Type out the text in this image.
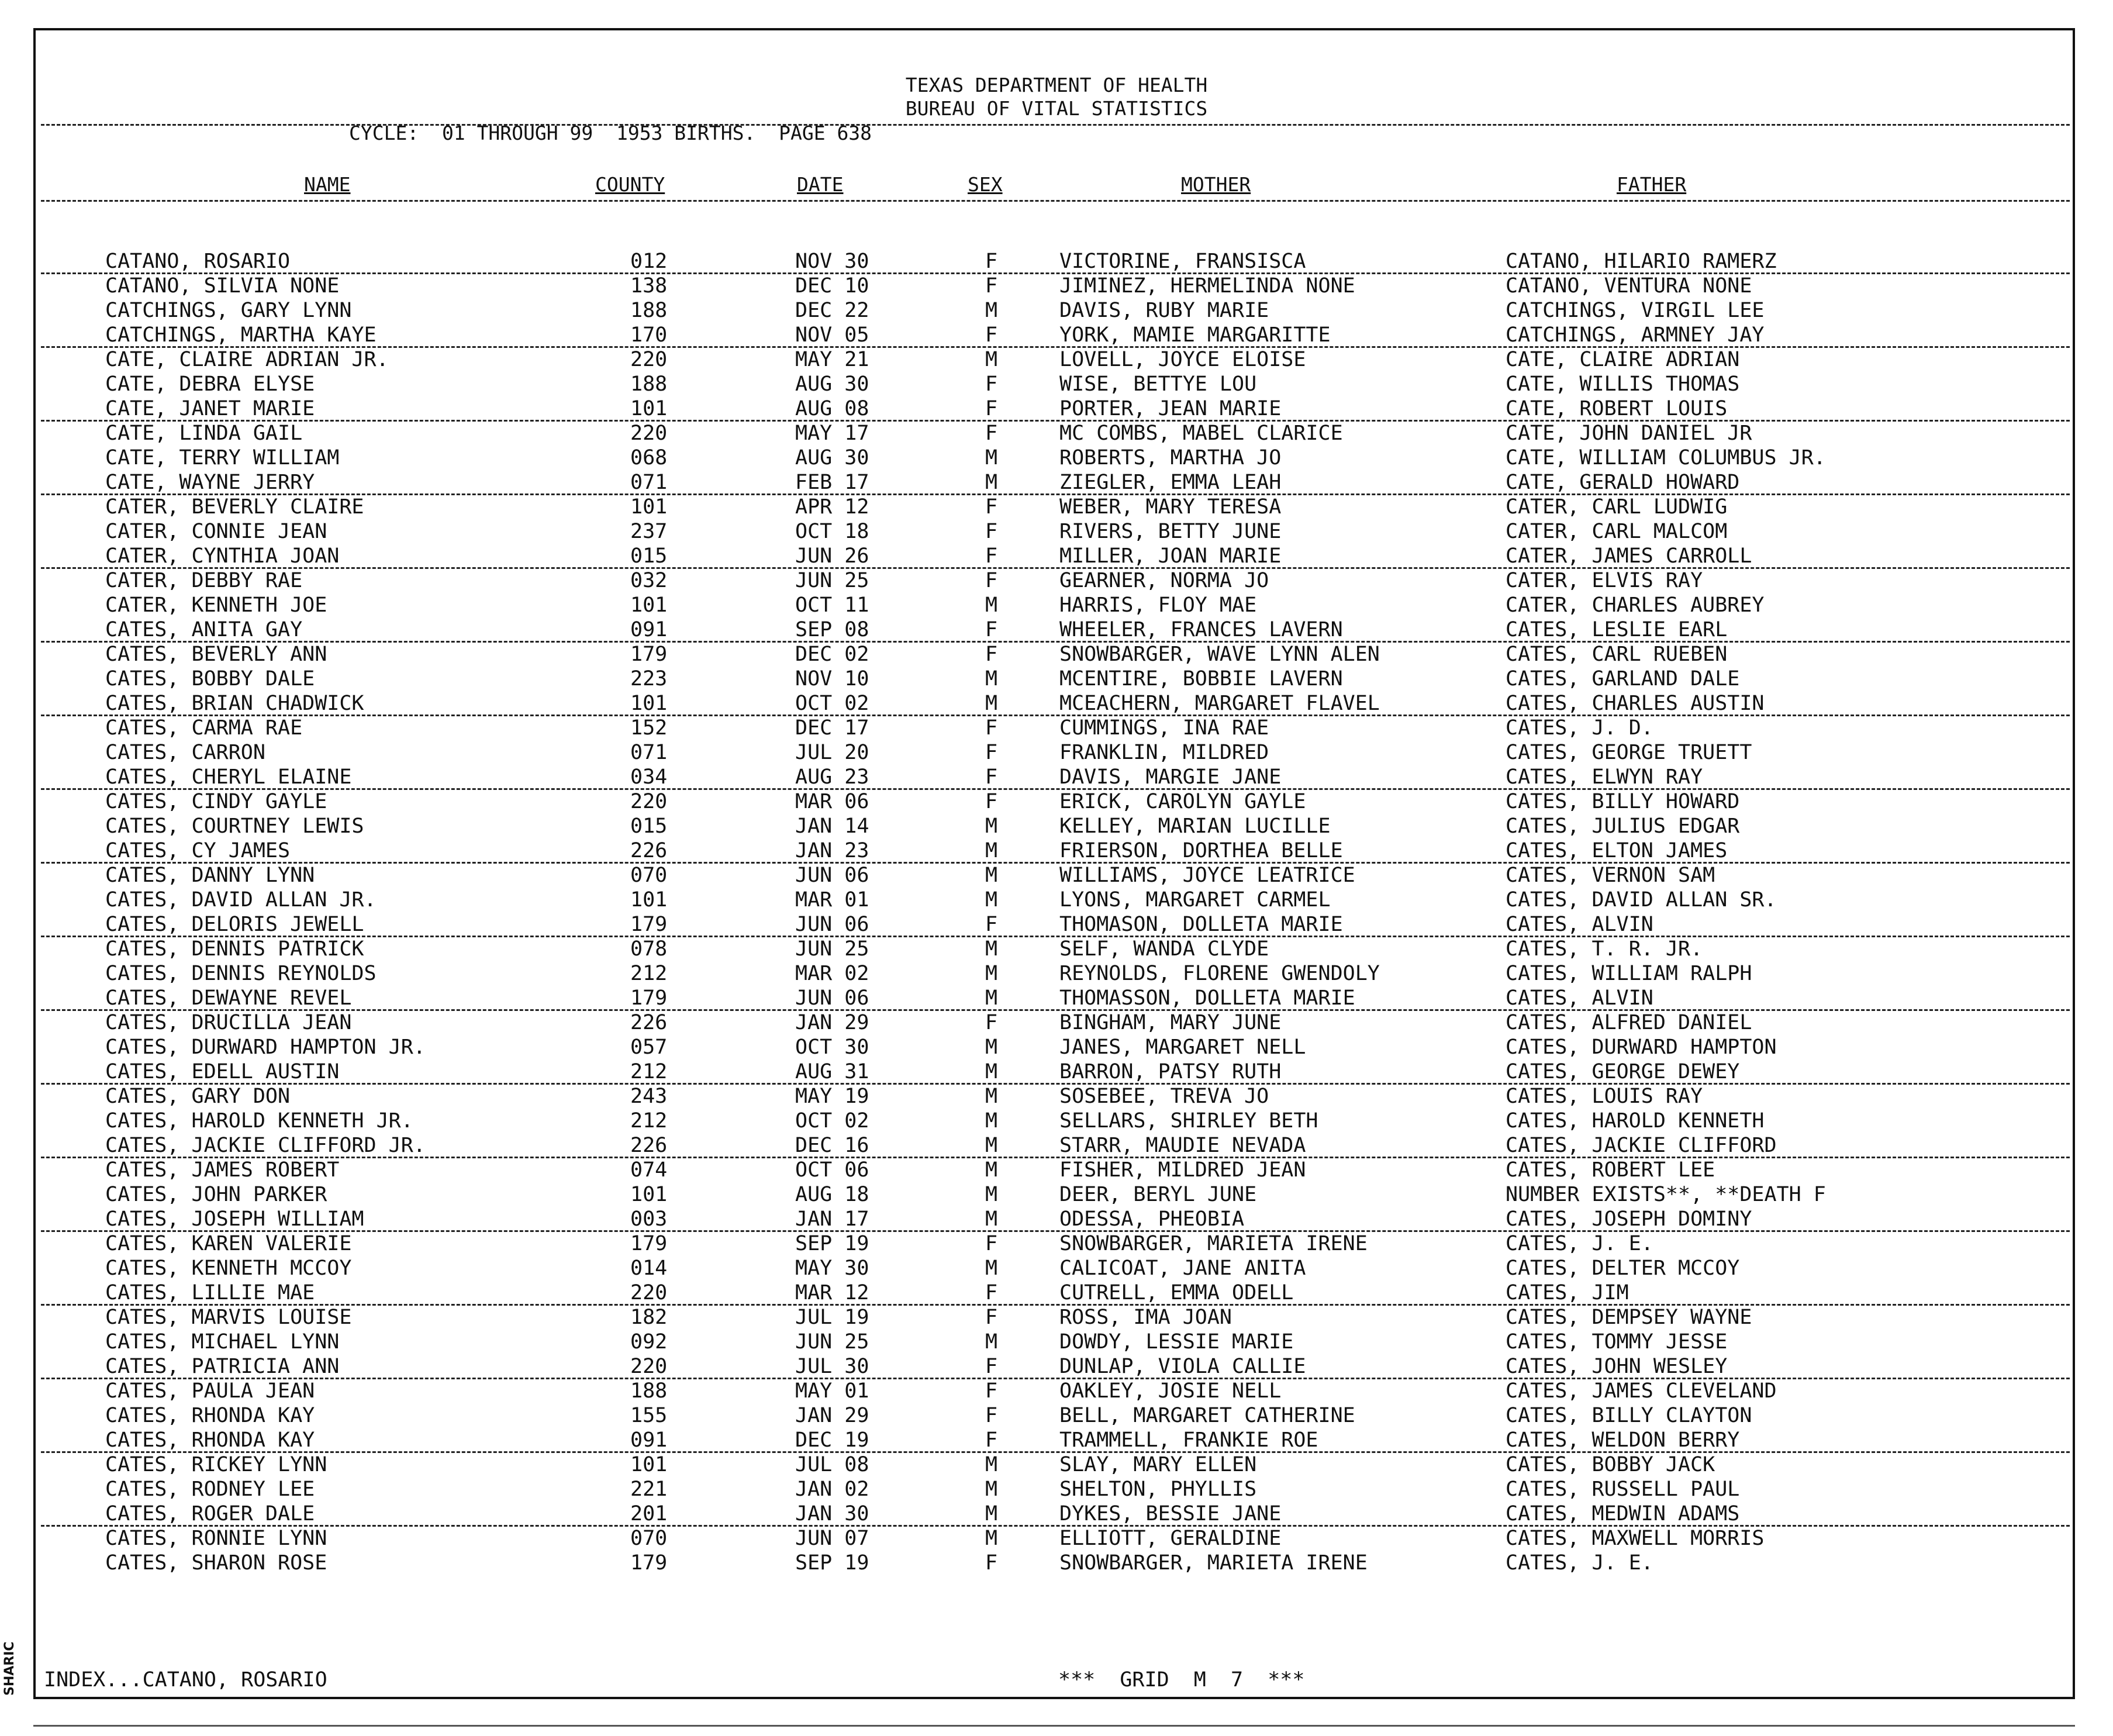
TEXAS DEPARTMENT OF HEALTH
BUREAU OF VITAL STATISTICS
CYCLE:  01 THROUGH 99  1953 BIRTHS.  PAGE 638
NAME	COUNTY	DATE	SEX	MOTHER	FATHER
CATANO, ROSARIO	012	NOV 30	F	VICTORINE, FRANSISCA	CATANO, HILARIO RAMERZ
CATANO, SILVIA NONE	138	DEC 10	F	JIMINEZ, HERMELINDA NONE	CATANO, VENTURA NONE
CATCHINGS, GARY LYNN	188	DEC 22	M	DAVIS, RUBY MARIE	CATCHINGS, VIRGIL LEE
CATCHINGS, MARTHA KAYE	170	NOV 05	F	YORK, MAMIE MARGARITTE	CATCHINGS, ARMNEY JAY
CATE, CLAIRE ADRIAN JR.	220	MAY 21	M	LOVELL, JOYCE ELOISE	CATE, CLAIRE ADRIAN
CATE, DEBRA ELYSE	188	AUG 30	F	WISE, BETTYE LOU	CATE, WILLIS THOMAS
CATE, JANET MARIE	101	AUG 08	F	PORTER, JEAN MARIE	CATE, ROBERT LOUIS
CATE, LINDA GAIL	220	MAY 17	F	MC COMBS, MABEL CLARICE	CATE, JOHN DANIEL JR
CATE, TERRY WILLIAM	068	AUG 30	M	ROBERTS, MARTHA JO	CATE, WILLIAM COLUMBUS JR.
CATE, WAYNE JERRY	071	FEB 17	M	ZIEGLER, EMMA LEAH	CATE, GERALD HOWARD
CATER, BEVERLY CLAIRE	101	APR 12	F	WEBER, MARY TERESA	CATER, CARL LUDWIG
CATER, CONNIE JEAN	237	OCT 18	F	RIVERS, BETTY JUNE	CATER, CARL MALCOM
CATER, CYNTHIA JOAN	015	JUN 26	F	MILLER, JOAN MARIE	CATER, JAMES CARROLL
CATER, DEBBY RAE	032	JUN 25	F	GEARNER, NORMA JO	CATER, ELVIS RAY
CATER, KENNETH JOE	101	OCT 11	M	HARRIS, FLOY MAE	CATER, CHARLES AUBREY
CATES, ANITA GAY	091	SEP 08	F	WHEELER, FRANCES LAVERN	CATES, LESLIE EARL
CATES, BEVERLY ANN	179	DEC 02	F	SNOWBARGER, WAVE LYNN ALEN	CATES, CARL RUEBEN
CATES, BOBBY DALE	223	NOV 10	M	MCENTIRE, BOBBIE LAVERN	CATES, GARLAND DALE
CATES, BRIAN CHADWICK	101	OCT 02	M	MCEACHERN, MARGARET FLAVEL	CATES, CHARLES AUSTIN
CATES, CARMA RAE	152	DEC 17	F	CUMMINGS, INA RAE	CATES, J. D.
CATES, CARRON	071	JUL 20	F	FRANKLIN, MILDRED	CATES, GEORGE TRUETT
CATES, CHERYL ELAINE	034	AUG 23	F	DAVIS, MARGIE JANE	CATES, ELWYN RAY
CATES, CINDY GAYLE	220	MAR 06	F	ERICK, CAROLYN GAYLE	CATES, BILLY HOWARD
CATES, COURTNEY LEWIS	015	JAN 14	M	KELLEY, MARIAN LUCILLE	CATES, JULIUS EDGAR
CATES, CY JAMES	226	JAN 23	M	FRIERSON, DORTHEA BELLE	CATES, ELTON JAMES
CATES, DANNY LYNN	070	JUN 06	M	WILLIAMS, JOYCE LEATRICE	CATES, VERNON SAM
CATES, DAVID ALLAN JR.	101	MAR 01	M	LYONS, MARGARET CARMEL	CATES, DAVID ALLAN SR.
CATES, DELORIS JEWELL	179	JUN 06	F	THOMASON, DOLLETA MARIE	CATES, ALVIN
CATES, DENNIS PATRICK	078	JUN 25	M	SELF, WANDA CLYDE	CATES, T. R. JR.
CATES, DENNIS REYNOLDS	212	MAR 02	M	REYNOLDS, FLORENE GWENDOLY	CATES, WILLIAM RALPH
CATES, DEWAYNE REVEL	179	JUN 06	M	THOMASSON, DOLLETA MARIE	CATES, ALVIN
CATES, DRUCILLA JEAN	226	JAN 29	F	BINGHAM, MARY JUNE	CATES, ALFRED DANIEL
CATES, DURWARD HAMPTON JR.	057	OCT 30	M	JANES, MARGARET NELL	CATES, DURWARD HAMPTON
CATES, EDELL AUSTIN	212	AUG 31	M	BARRON, PATSY RUTH	CATES, GEORGE DEWEY
CATES, GARY DON	243	MAY 19	M	SOSEBEE, TREVA JO	CATES, LOUIS RAY
CATES, HAROLD KENNETH JR.	212	OCT 02	M	SELLARS, SHIRLEY BETH	CATES, HAROLD KENNETH
CATES, JACKIE CLIFFORD JR.	226	DEC 16	M	STARR, MAUDIE NEVADA	CATES, JACKIE CLIFFORD
CATES, JAMES ROBERT	074	OCT 06	M	FISHER, MILDRED JEAN	CATES, ROBERT LEE
CATES, JOHN PARKER	101	AUG 18	M	DEER, BERYL JUNE	NUMBER EXISTS**, **DEATH F
CATES, JOSEPH WILLIAM	003	JAN 17	M	ODESSA, PHEOBIA	CATES, JOSEPH DOMINY
CATES, KAREN VALERIE	179	SEP 19	F	SNOWBARGER, MARIETA IRENE	CATES, J. E.
CATES, KENNETH MCCOY	014	MAY 30	M	CALICOAT, JANE ANITA	CATES, DELTER MCCOY
CATES, LILLIE MAE	220	MAR 12	F	CUTRELL, EMMA ODELL	CATES, JIM
CATES, MARVIS LOUISE	182	JUL 19	F	ROSS, IMA JOAN	CATES, DEMPSEY WAYNE
CATES, MICHAEL LYNN	092	JUN 25	M	DOWDY, LESSIE MARIE	CATES, TOMMY JESSE
CATES, PATRICIA ANN	220	JUL 30	F	DUNLAP, VIOLA CALLIE	CATES, JOHN WESLEY
CATES, PAULA JEAN	188	MAY 01	F	OAKLEY, JOSIE NELL	CATES, JAMES CLEVELAND
CATES, RHONDA KAY	155	JAN 29	F	BELL, MARGARET CATHERINE	CATES, BILLY CLAYTON
CATES, RHONDA KAY	091	DEC 19	F	TRAMMELL, FRANKIE ROE	CATES, WELDON BERRY
CATES, RICKEY LYNN	101	JUL 08	M	SLAY, MARY ELLEN	CATES, BOBBY JACK
CATES, RODNEY LEE	221	JAN 02	M	SHELTON, PHYLLIS	CATES, RUSSELL PAUL
CATES, ROGER DALE	201	JAN 30	M	DYKES, BESSIE JANE	CATES, MEDWIN ADAMS
CATES, RONNIE LYNN	070	JUN 07	M	ELLIOTT, GERALDINE	CATES, MAXWELL MORRIS
CATES, SHARON ROSE	179	SEP 19	F	SNOWBARGER, MARIETA IRENE	CATES, J. E.
INDEX...CATANO, ROSARIO	***  GRID  M  7  ***
SHARIC
